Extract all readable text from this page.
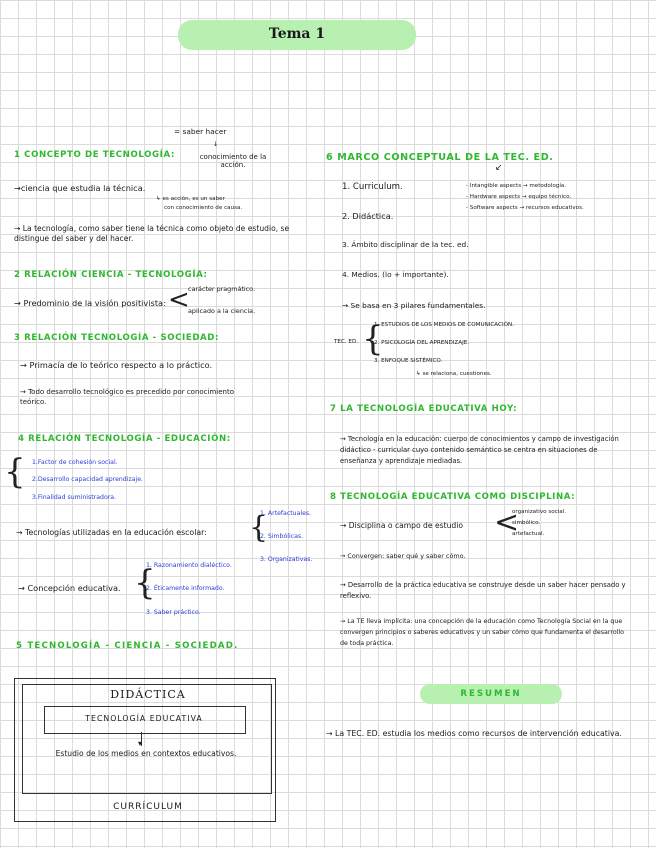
Tema 1
= saber hacer
↓
conocimiento de la acción.
1 CONCEPTO DE TECNOLOGÍA:
→ciencia que estudia la técnica.
↳ es acción, es un saber
con conocimiento de causa.
→ La tecnología, como saber tiene la técnica como objeto de estudio, se distingue del saber y del hacer.
2 RELACIÓN CIENCIA - TECNOLOGÍA:
→ Predominio de la visión positivista: <
carácter pragmático.
aplicado a la ciencia.
3 RELACIÓN TECNOLOGÍA - SOCIEDAD:
→ Primacía de lo teórico respecto a lo práctico.
→ Todo desarrollo tecnológico es precedido por conocimiento teórico.
4 RELACIÓN TECNOLOGÍA - EDUCACIÓN:
{ 1.Factor de cohesión social.
2.Desarrollo capacidad aprendizaje.
3.Finalidad suministradora.
→ Tecnologías utilizadas en la educación escolar: {
1. Artefactuales.
2. Simbólicas.
3. Organizativas.
→ Concepción educativa. {
1. Razonamiento dialéctico.
2. Éticamente informado.
3. Saber práctico.
5 TECNOLOGÍA - CIENCIA - SOCIEDAD.
DIDÁCTICA
TECNOLOGÍA EDUCATIVA
▾
Estudio de los medios en contextos educativos.
CURRÍCULUM
6 MARCO CONCEPTUAL DE LA TEC. ED.
↙
1. Curriculum.	- Intangible aspects → metodología.
- Hardware aspects → equipo técnico.
- Software aspects → recursos educativos.
2. Didáctica.
3. Ámbito disciplinar de la tec. ed.
4. Medios. (lo + importante).
→ Se basa en 3 pilares fundamentales.
TEC. ED. {
1. ESTUDIOS DE LOS MEDIOS DE COMUNICACIÓN.
2. PSICOLOGÍA DEL APRENDIZAJE.
3. ENFOQUE SISTÉMICO.
↳ se relaciona, cuestiones.
7 LA TECNOLOGÍA EDUCATIVA HOY:
→ Tecnología en la educación: cuerpo de conocimientos y campo de investigación didáctico - curricular cuyo contenido semántico se centra en situaciones de enseñanza y aprendizaje mediadas.
8 TECNOLOGÍA EDUCATIVA COMO DISCIPLINA:
→ Disciplina o campo de estudio <
organizativo social.
simbólico.
artefactual.
→ Convergen: saber qué y saber cómo.
→ Desarrollo de la práctica educativa se construye desde un saber hacer pensado y reflexivo.
→ La TE lleva implícita: una concepción de la educación como Tecnología Social en la que convergen principios o saberes educativos y un saber cómo que fundamenta el desarrollo de toda práctica.
RESUMEN
→ La TEC. ED. estudia los medios como recursos de intervención educativa.
